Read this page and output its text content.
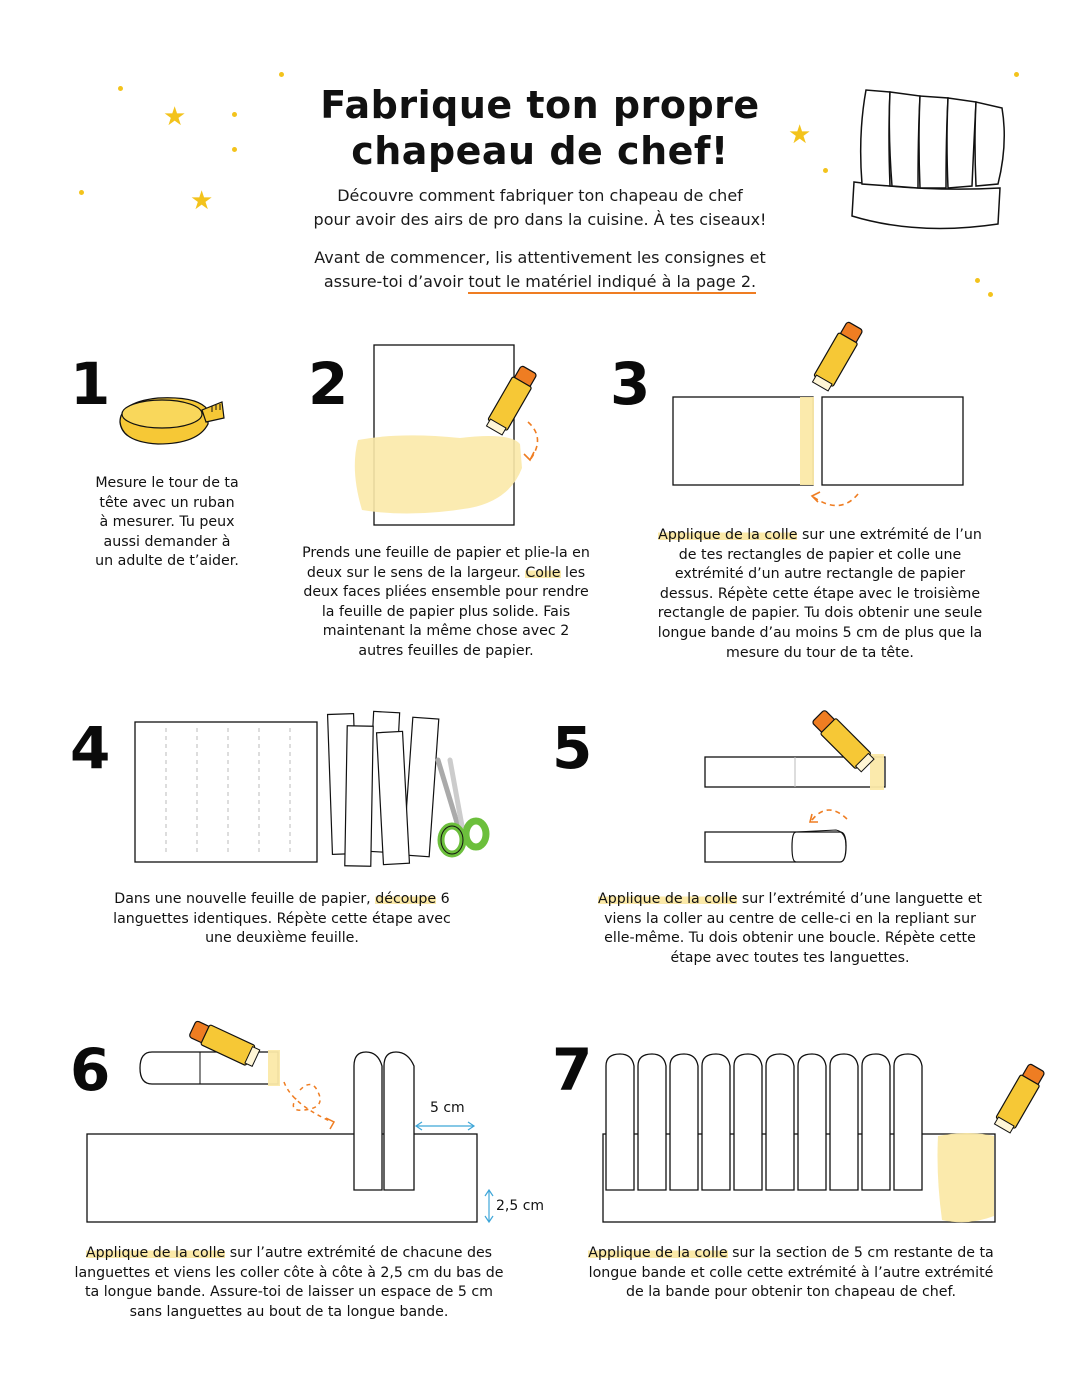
★
★
★
Fabrique ton propre
chapeau de chef!
Découvre comment fabriquer ton chapeau de chef
pour avoir des airs de pro dans la cuisine. À tes ciseaux!
Avant de commencer, lis attentivement les consignes et
assure-toi d’avoir tout le matériel indiqué à la page 2.
1
Mesure le tour de ta tête avec un ruban à mesurer. Tu peux aussi demander à un adulte de t’aider.
2
Prends une feuille de papier et plie-la en deux sur le sens de la largeur. Colle les deux faces pliées ensemble pour rendre la feuille de papier plus solide. Fais maintenant la même chose avec 2 autres feuilles de papier.
3
Applique de la colle sur une extrémité de l’un de tes rectangles de papier et colle une extrémité d’un autre rectangle de papier dessus. Répète cette étape avec le troisième rectangle de papier. Tu dois obtenir une seule longue bande d’au moins 5 cm de plus que la mesure du tour de ta tête.
4
Dans une nouvelle feuille de papier, découpe 6 languettes identiques. Répète cette étape avec une deuxième feuille.
5
Applique de la colle sur l’extrémité d’une languette et viens la coller au centre de celle-ci en la repliant sur elle-même. Tu dois obtenir une boucle. Répète cette étape avec toutes tes languettes.
6
5 cm
2,5 cm
Applique de la colle sur l’autre extrémité de chacune des languettes et viens les coller côte à côte à 2,5 cm du bas de ta longue bande. Assure-toi de laisser un espace de 5 cm sans languettes au bout de ta longue bande.
7
Applique de la colle sur la section de 5 cm restante de ta longue bande et colle cette extrémité à l’autre extrémité de la bande pour obtenir ton chapeau de chef.
